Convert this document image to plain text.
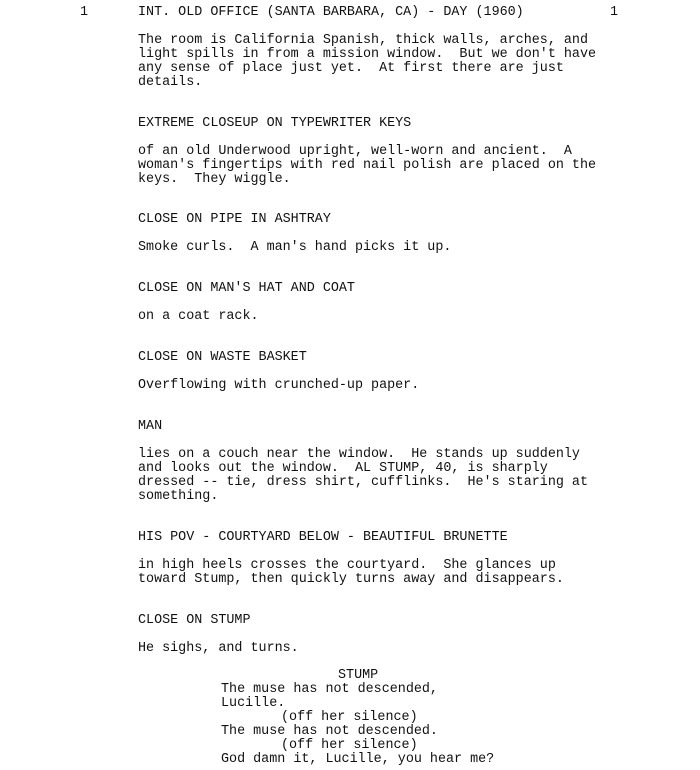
1	INT. OLD OFFICE (SANTA BARBARA, CA) - DAY (1960)	1
The room is California Spanish, thick walls, arches, and
light spills in from a mission window.  But we don't have
any sense of place just yet.  At first there are just
details.
EXTREME CLOSEUP ON TYPEWRITER KEYS
of an old Underwood upright, well-worn and ancient.  A
woman's fingertips with red nail polish are placed on the
keys.  They wiggle.
CLOSE ON PIPE IN ASHTRAY
Smoke curls.  A man's hand picks it up.
CLOSE ON MAN'S HAT AND COAT
on a coat rack.
CLOSE ON WASTE BASKET
Overflowing with crunched-up paper.
MAN
lies on a couch near the window.  He stands up suddenly
and looks out the window.  AL STUMP, 40, is sharply
dressed -- tie, dress shirt, cufflinks.  He's staring at
something.
HIS POV - COURTYARD BELOW - BEAUTIFUL BRUNETTE
in high heels crosses the courtyard.  She glances up
toward Stump, then quickly turns away and disappears.
CLOSE ON STUMP
He sighs, and turns.
STUMP
The muse has not descended,
Lucille.
(off her silence)
The muse has not descended.
(off her silence)
God damn it, Lucille, you hear me?
